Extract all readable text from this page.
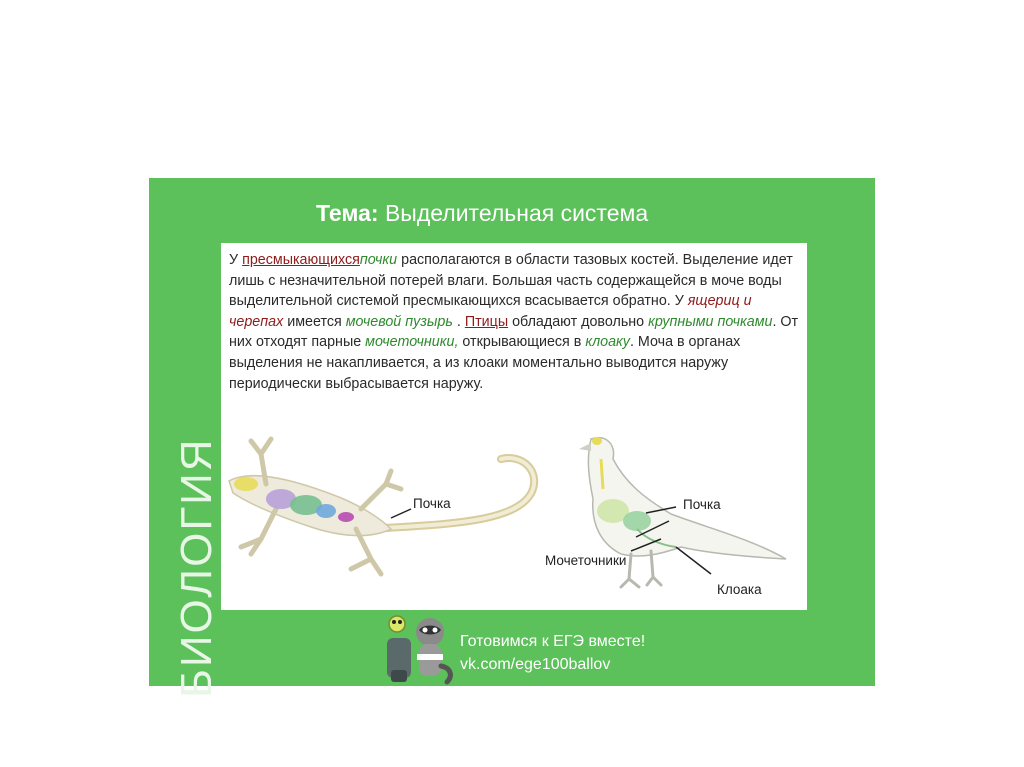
БИОЛОГИЯ
Тема: Выделительная система

У пресмыкающихсяпочки располагаются в области тазовых костей. Выделение идет лишь с незначительной потерей влаги. Большая часть содержащейся в моче воды выделительной системой пресмыкающихся всасывается обратно. У ящериц и черепах имеется мочевой пузырь . Птицы обладают довольно крупными почками. От них отходят парные мочеточники, открывающиеся в клоаку. Моча в органах выделения не накапливается, а из клоаки моментально выводится наружу периодически выбрасывается наружу.

Почка	Почка
Мочеточники
Клоака
Готовимся к ЕГЭ вместе!
vk.com/ege100ballov
